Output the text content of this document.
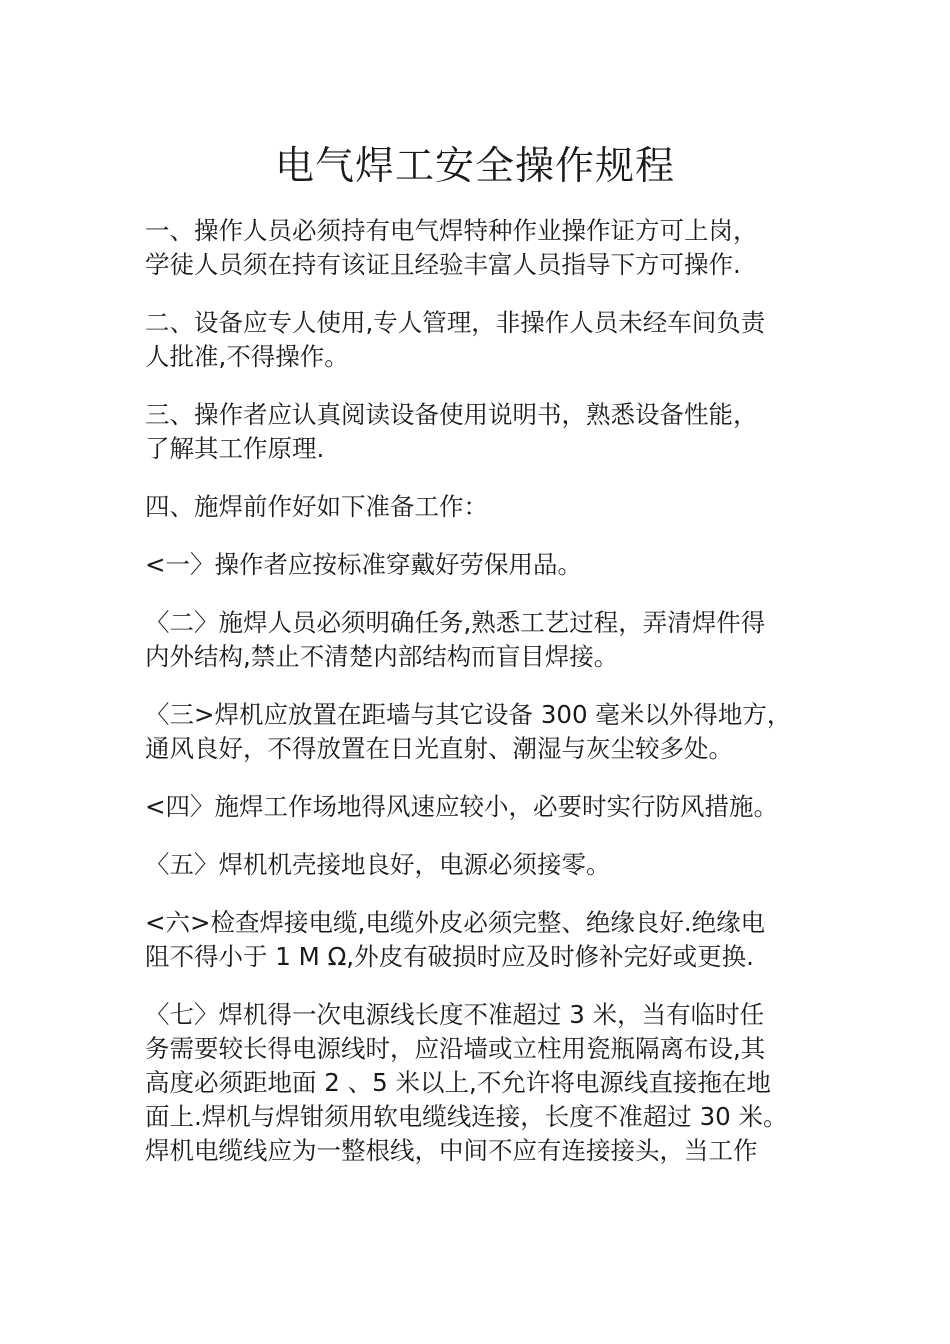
电气焊工安全操作规程

一、操作人员必须持有电气焊特种作业操作证方可上岗，
学徒人员须在持有该证且经验丰富人员指导下方可操作.

二、设备应专人使用,专人管理，非操作人员未经车间负责
人批准,不得操作。

三、操作者应认真阅读设备使用说明书，熟悉设备性能，
了解其工作原理.

四、施焊前作好如下准备工作：

<一〉操作者应按标准穿戴好劳保用品。

〈二〉施焊人员必须明确任务,熟悉工艺过程，弄清焊件得
内外结构,禁止不清楚内部结构而盲目焊接。

〈三>焊机应放置在距墙与其它设备 300 毫米以外得地方，
通风良好，不得放置在日光直射、潮湿与灰尘较多处。

<四〉施焊工作场地得风速应较小，必要时实行防风措施。

〈五〉焊机机壳接地良好，电源必须接零。

<六>检查焊接电缆,电缆外皮必须完整、绝缘良好.绝缘电
阻不得小于 1 M Ω,外皮有破损时应及时修补完好或更换.

〈七〉焊机得一次电源线长度不准超过 3 米，当有临时任
务需要较长得电源线时，应沿墙或立柱用瓷瓶隔离布设,其
高度必须距地面 2 、5 米以上,不允许将电源线直接拖在地
面上.焊机与焊钳须用软电缆线连接，长度不准超过 30 米。
焊机电缆线应为一整根线，中间不应有连接接头，当工作
